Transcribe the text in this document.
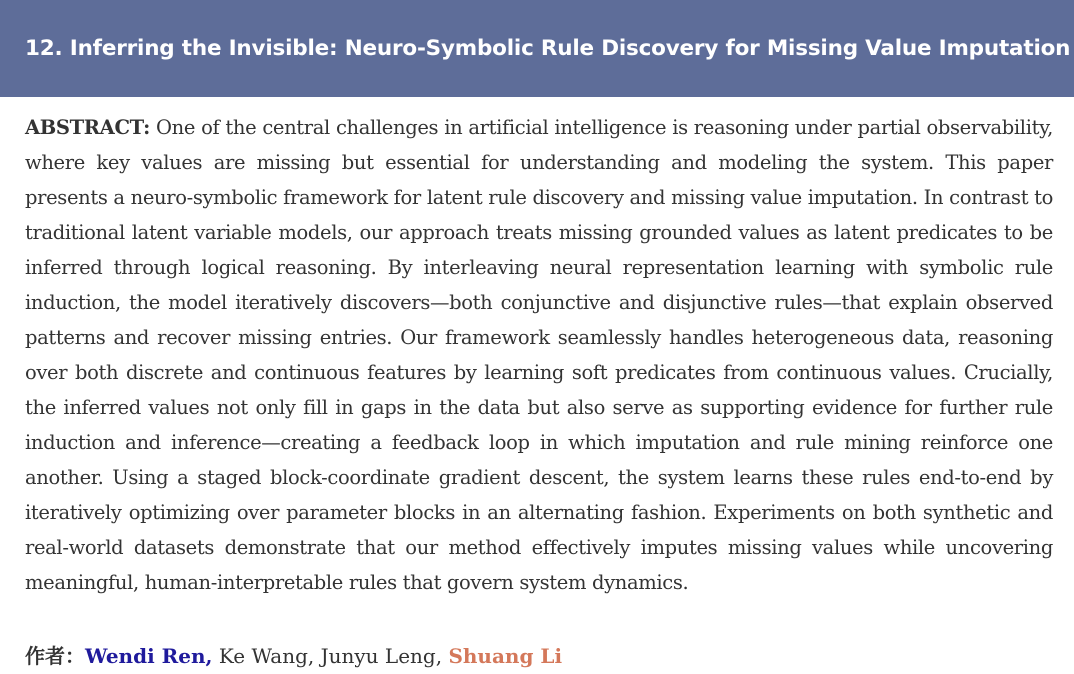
12. Inferring the Invisible: Neuro-Symbolic Rule Discovery for Missing Value Imputation

ABSTRACT: One of the central challenges in artificial intelligence is reasoning under partial observability, where key values are missing but essential for understanding and modeling the system. This paper presents a neuro-symbolic framework for latent rule discovery and missing value imputation. In contrast to traditional latent variable models, our approach treats missing grounded values as latent predicates to be inferred through logical reasoning. By interleaving neural representation learning with symbolic rule induction, the model iteratively discovers—both conjunctive and disjunctive rules—that explain observed patterns and recover missing entries. Our framework seamlessly handles heterogeneous data, reasoning over both discrete and continuous features by learning soft predicates from continuous values. Crucially, the inferred values not only fill in gaps in the data but also serve as supporting evidence for further rule induction and inference—creating a feedback loop in which imputation and rule mining reinforce one another. Using a staged block-coordinate gradient descent, the system learns these rules end-to-end by iteratively optimizing over parameter blocks in an alternating fashion. Experiments on both synthetic and real-world datasets demonstrate that our method effectively imputes missing values while uncovering meaningful, human-interpretable rules that govern system dynamics.

作者：Wendi Ren, Ke Wang, Junyu Leng, Shuang Li
